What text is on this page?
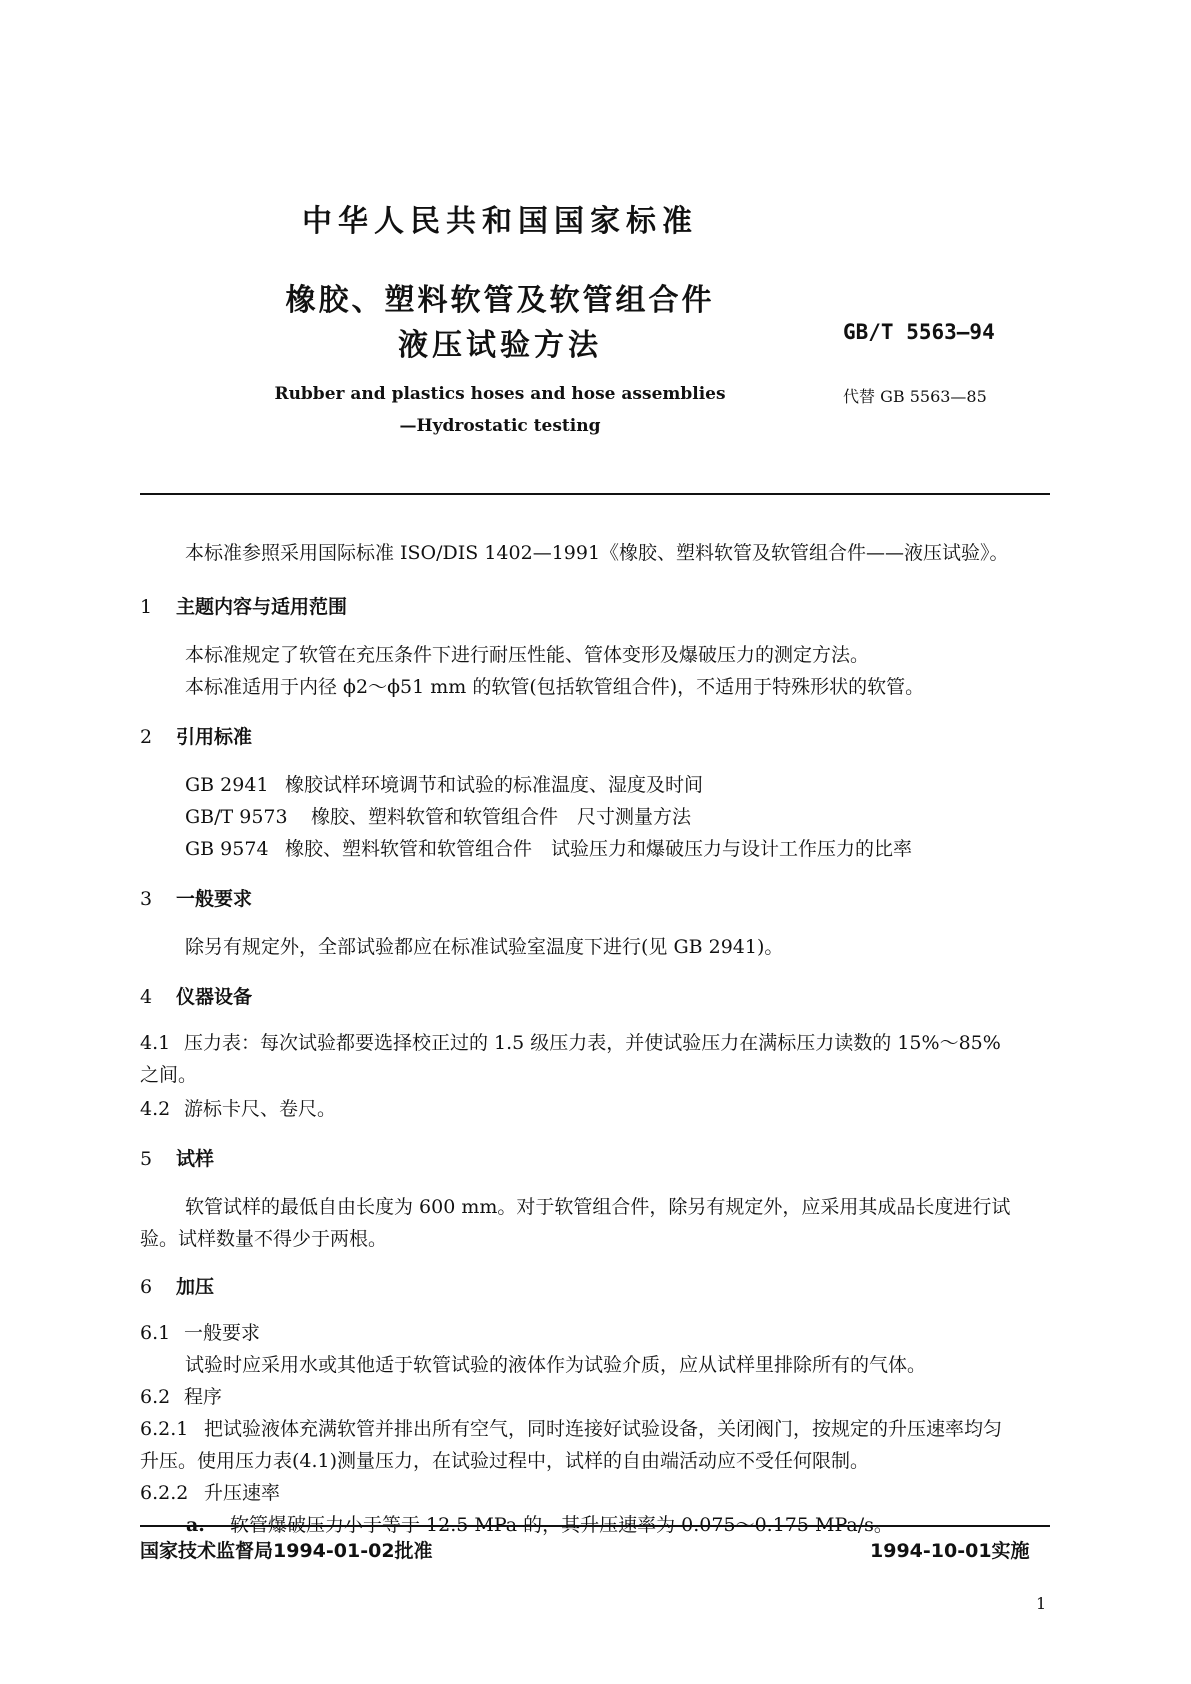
中华人民共和国国家标准
橡胶、塑料软管及软管组合件
液压试验方法	GB/T 5563—94
Rubber and plastics hoses and hose assemblies
—Hydrostatic testing
代替 GB 5563—85
本标准参照采用国际标准 ISO/DIS 1402—1991《橡胶、塑料软管及软管组合件——液压试验》。
1 主题内容与适用范围
本标准规定了软管在充压条件下进行耐压性能、管体变形及爆破压力的测定方法。
本标准适用于内径 ϕ2～ϕ51 mm 的软管(包括软管组合件)，不适用于特殊形状的软管。
2 引用标准
GB 2941 橡胶试样环境调节和试验的标准温度、湿度及时间
GB/T 9573 橡胶、塑料软管和软管组合件　尺寸测量方法
GB 9574 橡胶、塑料软管和软管组合件　试验压力和爆破压力与设计工作压力的比率
3 一般要求
除另有规定外，全部试验都应在标准试验室温度下进行(见 GB 2941)。
4 仪器设备
4.1 压力表：每次试验都要选择校正过的 1.5 级压力表，并使试验压力在满标压力读数的 15%～85%
之间。
4.2 游标卡尺、卷尺。
5 试样
软管试样的最低自由长度为 600 mm。对于软管组合件，除另有规定外，应采用其成品长度进行试
验。试样数量不得少于两根。
6 加压
6.1 一般要求
试验时应采用水或其他适于软管试验的液体作为试验介质，应从试样里排除所有的气体。
6.2 程序
6.2.1 把试验液体充满软管并排出所有空气，同时连接好试验设备，关闭阀门，按规定的升压速率均匀
升压。使用压力表(4.1)测量压力，在试验过程中，试样的自由端活动应不受任何限制。
6.2.2 升压速率
a. 软管爆破压力小于等于 12.5 MPa 的，其升压速率为 0.075～0.175 MPa/s。
国家技术监督局1994-01-02批准	1994-10-01实施
1
